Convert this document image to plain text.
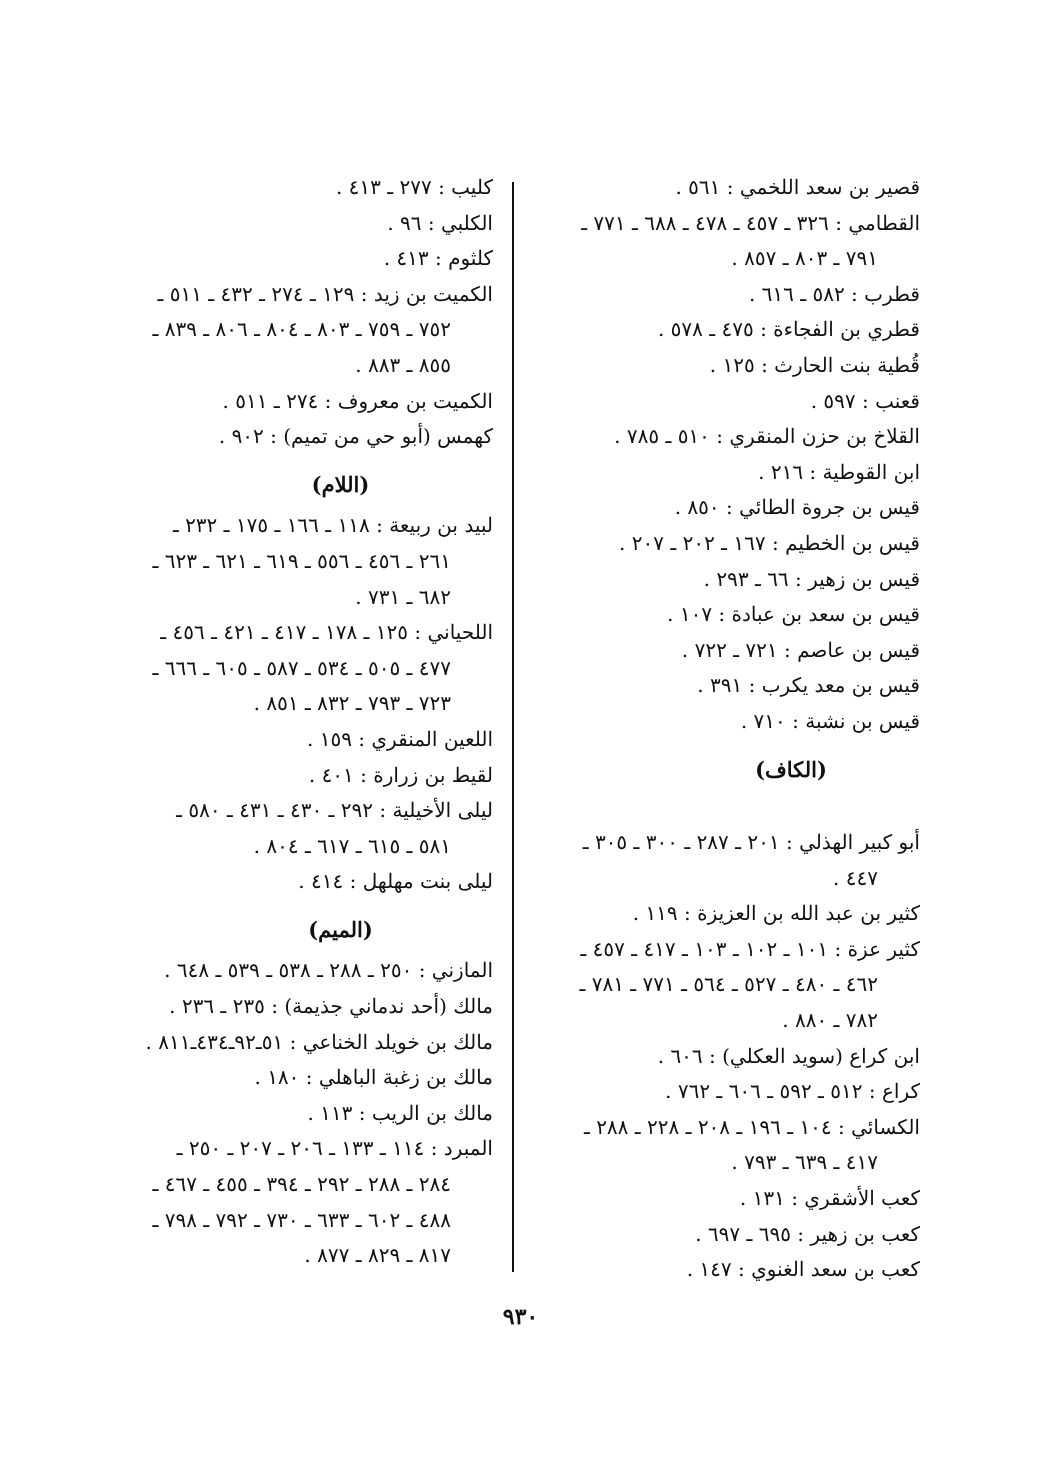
قصير بن سعد اللخمي : ٥٦١ .
القطامي : ٣٢٦ ـ ٤٥٧ ـ ٤٧٨ ـ ٦٨٨ ـ ٧٧١ ـ
٧٩١ ـ ٨٠٣ ـ ٨٥٧ .
قطرب : ٥٨٢ ـ ٦١٦ .
قطري بن الفجاءة : ٤٧٥ ـ ٥٧٨ .
قُطية بنت الحارث : ١٢٥ .
قعنب : ٥٩٧ .
القلاخ بن حزن المنقري : ٥١٠ ـ ٧٨٥ .
ابن القوطية : ٢١٦ .
قيس بن جروة الطائي : ٨٥٠ .
قيس بن الخطيم : ١٦٧ ـ ٢٠٢ ـ ٢٠٧ .
قيس بن زهير : ٦٦ ـ ٢٩٣ .
قيس بن سعد بن عبادة : ١٠٧ .
قيس بن عاصم : ٧٢١ ـ ٧٢٢ .
قيس بن معد يكرب : ٣٩١ .
قيس بن نشبة : ٧١٠ .
(الكاف)
أبو كبير الهذلي : ٢٠١ ـ ٢٨٧ ـ ٣٠٠ ـ ٣٠٥ ـ
٤٤٧ .
كثير بن عبد الله بن العزيزة : ١١٩ .
كثير عزة : ١٠١ ـ ١٠٢ ـ ١٠٣ ـ ٤١٧ ـ ٤٥٧ ـ
٤٦٢ ـ ٤٨٠ ـ ٥٢٧ ـ ٥٦٤ ـ ٧٧١ ـ ٧٨١ ـ
٧٨٢ ـ ٨٨٠ .
ابن كراع (سويد العكلي) : ٦٠٦ .
كراع : ٥١٢ ـ ٥٩٢ ـ ٦٠٦ ـ ٧٦٢ .
الكسائي : ١٠٤ ـ ١٩٦ ـ ٢٠٨ ـ ٢٢٨ ـ ٢٨٨ ـ
٤١٧ ـ ٦٣٩ ـ ٧٩٣ .
كعب الأشقري : ١٣١ .
كعب بن زهير : ٦٩٥ ـ ٦٩٧ .
كعب بن سعد الغنوي : ١٤٧ .
كليب : ٢٧٧ ـ ٤١٣ .
الكلبي : ٩٦ .
كلثوم : ٤١٣ .
الكميت بن زيد : ١٢٩ ـ ٢٧٤ ـ ٤٣٢ ـ ٥١١ ـ
٧٥٢ ـ ٧٥٩ ـ ٨٠٣ ـ ٨٠٤ ـ ٨٠٦ ـ ٨٣٩ ـ
٨٥٥ ـ ٨٨٣ .
الكميت بن معروف : ٢٧٤ ـ ٥١١ .
كهمس (أبو حي من تميم) : ٩٠٢ .
(اللام)
لبيد بن ربيعة : ١١٨ ـ ١٦٦ ـ ١٧٥ ـ ٢٣٢ ـ
٢٦١ ـ ٤٥٦ ـ ٥٥٦ ـ ٦١٩ ـ ٦٢١ ـ ٦٢٣ ـ
٦٨٢ ـ ٧٣١ .
اللحياني : ١٢٥ ـ ١٧٨ ـ ٤١٧ ـ ٤٢١ ـ ٤٥٦ ـ
٤٧٧ ـ ٥٠٥ ـ ٥٣٤ ـ ٥٨٧ ـ ٦٠٥ ـ ٦٦٦ ـ
٧٢٣ ـ ٧٩٣ ـ ٨٣٢ ـ ٨٥١ .
اللعين المنقري : ١٥٩ .
لقيط بن زرارة : ٤٠١ .
ليلى الأخيلية : ٢٩٢ ـ ٤٣٠ ـ ٤٣١ ـ ٥٨٠ ـ
٥٨١ ـ ٦١٥ ـ ٦١٧ ـ ٨٠٤ .
ليلى بنت مهلهل : ٤١٤ .
(الميم)
المازني : ٢٥٠ ـ ٢٨٨ ـ ٥٣٨ ـ ٥٣٩ ـ ٦٤٨ .
مالك (أحد ندماني جذيمة) : ٢٣٥ ـ ٢٣٦ .
مالك بن خويلد الخناعي : ٥١ـ٩٢ـ٤٣٤ـ٨١١ .
مالك بن زغبة الباهلي : ١٨٠ .
مالك بن الريب : ١١٣ .
المبرد : ١١٤ ـ ١٣٣ ـ ٢٠٦ ـ ٢٠٧ ـ ٢٥٠ ـ
٢٨٤ ـ ٢٨٨ ـ ٢٩٢ ـ ٣٩٤ ـ ٤٥٥ ـ ٤٦٧ ـ
٤٨٨ ـ ٦٠٢ ـ ٦٣٣ ـ ٧٣٠ ـ ٧٩٢ ـ ٧٩٨ ـ
٨١٧ ـ ٨٢٩ ـ ٨٧٧ .
٩٣٠
